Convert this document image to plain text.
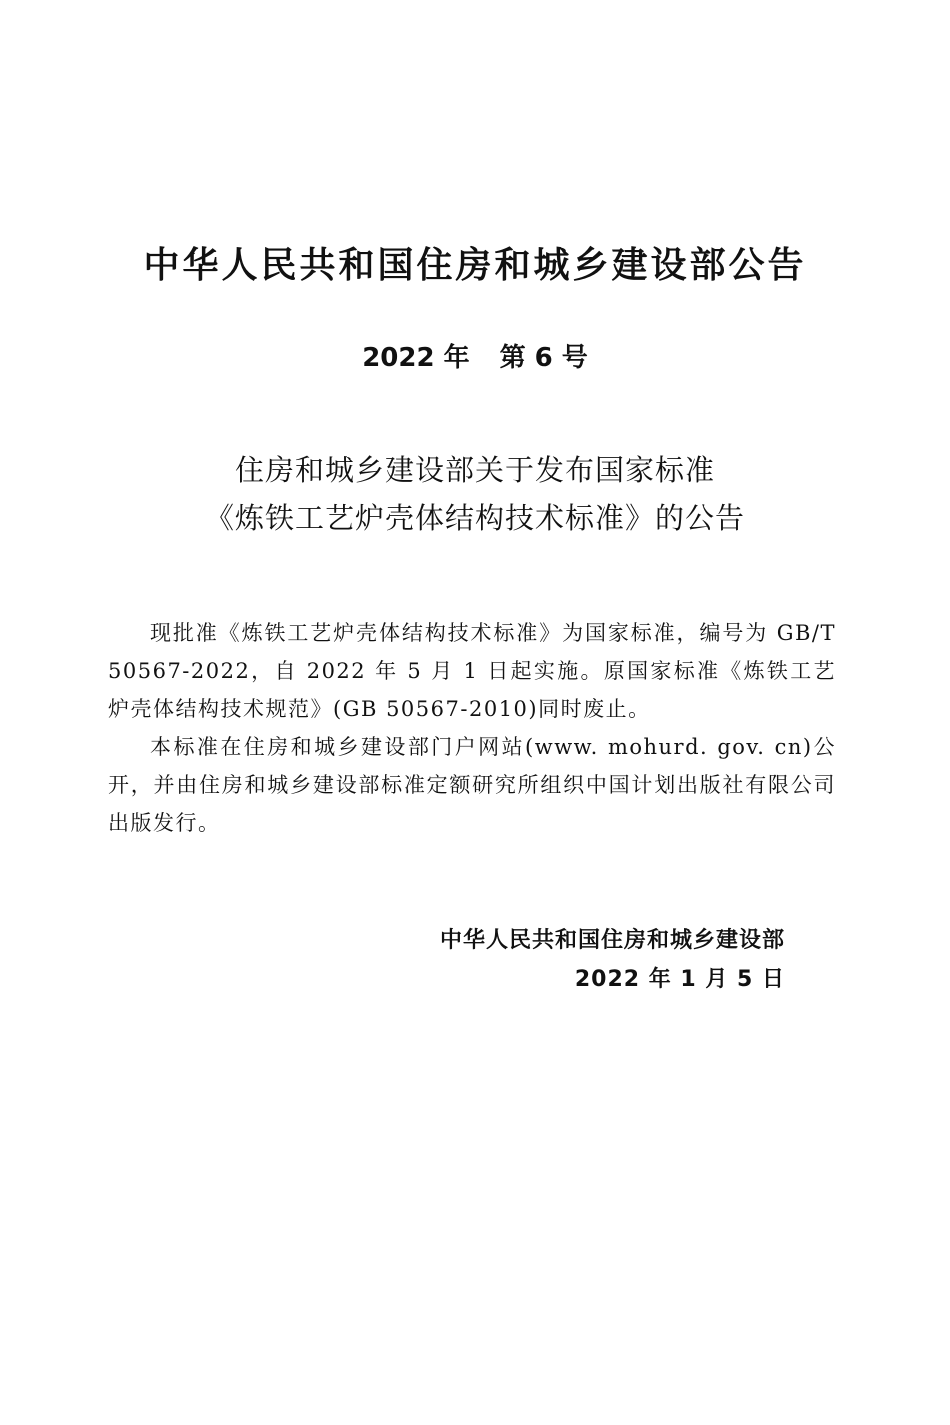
中华人民共和国住房和城乡建设部公告
2022 年 第 6 号
住房和城乡建设部关于发布国家标准
《炼铁工艺炉壳体结构技术标准》的公告

现批准《炼铁工艺炉壳体结构技术标准》为国家标准，编号为 GB/T 50567-2022，自 2022 年 5 月 1 日起实施。原国家标准《炼铁工艺炉壳体结构技术规范》(GB 50567-2010)同时废止。

本标准在住房和城乡建设部门户网站(www. mohurd. gov. cn)公开，并由住房和城乡建设部标准定额研究所组织中国计划出版社有限公司出版发行。

中华人民共和国住房和城乡建设部
2022 年 1 月 5 日
